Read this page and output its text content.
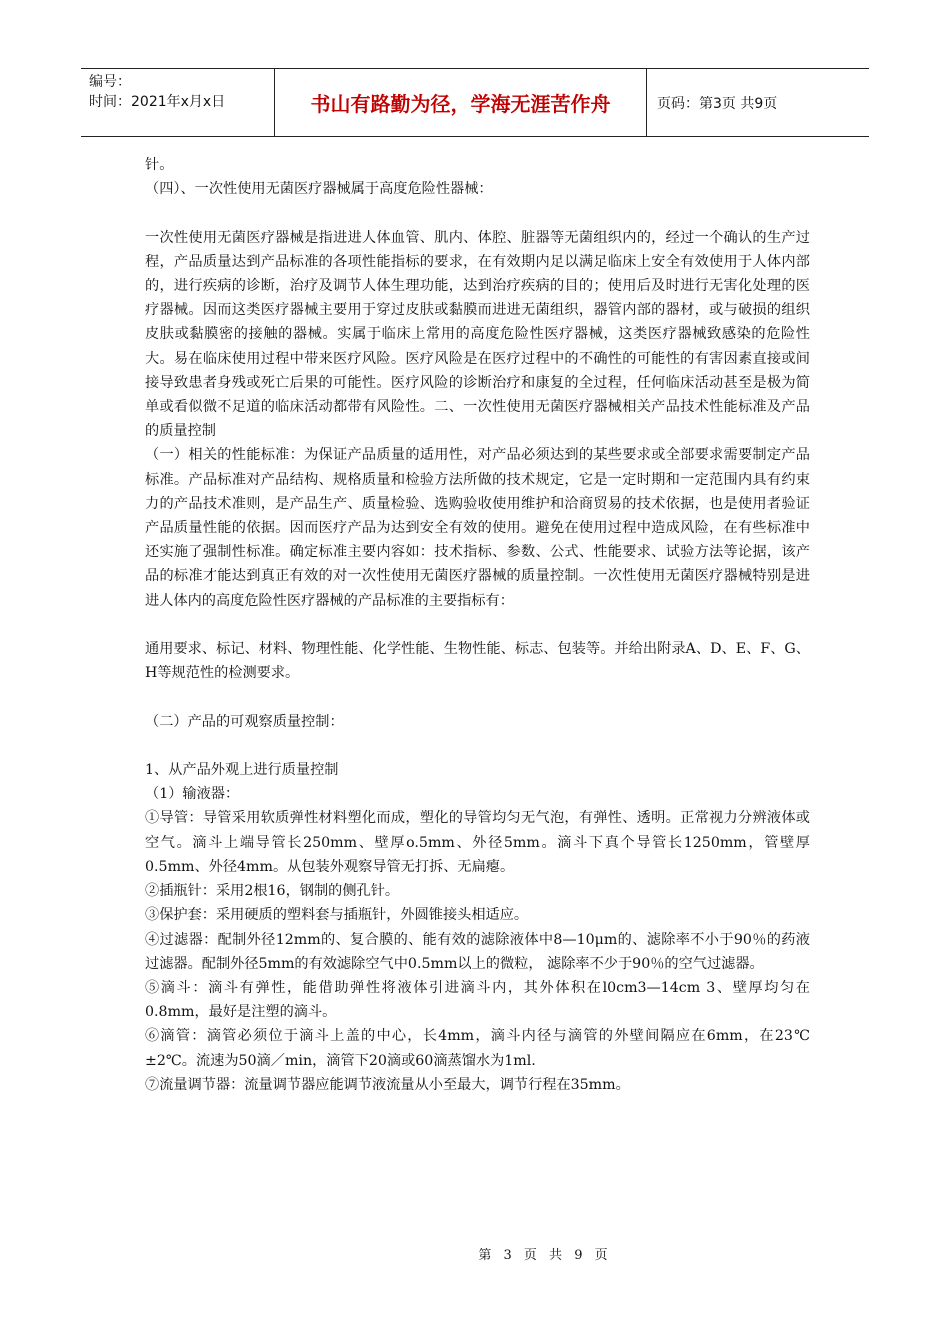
编号：
时间：2021年x月x日	书山有路勤为径，学海无涯苦作舟	页码：第3页 共9页

针。

（四）、一次性使用无菌医疗器械属于高度危险性器械：

一次性使用无菌医疗器械是指进进人体血管、肌内、体腔、脏器等无菌组织内的，经过一个确认的生产过程，产品质量达到产品标准的各项性能指标的要求，在有效期内足以满足临床上安全有效使用于人体内部的，进行疾病的诊断，治疗及调节人体生理功能，达到治疗疾病的目的；使用后及时进行无害化处理的医疗器械。因而这类医疗器械主要用于穿过皮肤或黏膜而进进无菌组织，器管内部的器材，或与破损的组织皮肤或黏膜密的接触的器械。实属于临床上常用的高度危险性医疗器械，这类医疗器械致感染的危险性大。易在临床使用过程中带来医疗风险。医疗风险是在医疗过程中的不确性的可能性的有害因素直接或间接导致患者身残或死亡后果的可能性。医疗风险的诊断治疗和康复的全过程，任何临床活动甚至是极为简单或看似微不足道的临床活动都带有风险性。二、一次性使用无菌医疗器械相关产品技术性能标准及产品的质量控制

（一）相关的性能标准：为保证产品质量的适用性，对产品必须达到的某些要求或全部要求需要制定产品标准。产品标准对产品结构、规格质量和检验方法所做的技术规定，它是一定时期和一定范围内具有约束力的产品技术准则，是产品生产、质量检验、选购验收使用维护和洽商贸易的技术依据，也是使用者验证产品质量性能的依据。因而医疗产品为达到安全有效的使用。避免在使用过程中造成风险，在有些标准中还实施了强制性标准。确定标准主要内容如：技术指标、参数、公式、性能要求、试验方法等论据，该产品的标准才能达到真正有效的对一次性使用无菌医疗器械的质量控制。一次性使用无菌医疗器械特别是进进人体内的高度危险性医疗器械的产品标准的主要指标有：

通用要求、标记、材料、物理性能、化学性能、生物性能、标志、包装等。并给出附录A、D、E、F、G、H等规范性的检测要求。

（二）产品的可观察质量控制：

1、从产品外观上进行质量控制

（1）输液器：

①导管：导管采用软质弹性材料塑化而成，塑化的导管均匀无气泡，有弹性、透明。正常视力分辨液体或空气。滴斗上端导管长250mm、壁厚o.5mm、外径5mm。滴斗下真个导管长1250mm，管壁厚0.5mm、外径4mm。从包装外观察导管无打拆、无扁瘪。

②插瓶针：采用2根16，钢制的侧孔针。

③保护套：采用硬质的塑料套与插瓶针，外圆锥接头相适应。

④过滤器：配制外径12mm的、复合膜的、能有效的滤除液体中8—10μm的、滤除率不小于90％的药液过滤器。配制外径5mm的有效滤除空气中0.5mm以上的微粒， 滤除率不少于90％的空气过滤器。

⑤滴斗：滴斗有弹性，能借助弹性将液体引进滴斗内，其外体积在l0cm3—14cm 3、壁厚均匀在0.8mm，最好是注塑的滴斗。

⑥滴管：滴管必须位于滴斗上盖的中心，长4mm，滴斗内径与滴管的外壁间隔应在6mm，在23℃±2℃。流速为50滴／min，滴管下20滴或60滴蒸馏水为1ml.

⑦流量调节器：流量调节器应能调节液流量从小至最大，调节行程在35mm。

第 3 页 共 9 页
